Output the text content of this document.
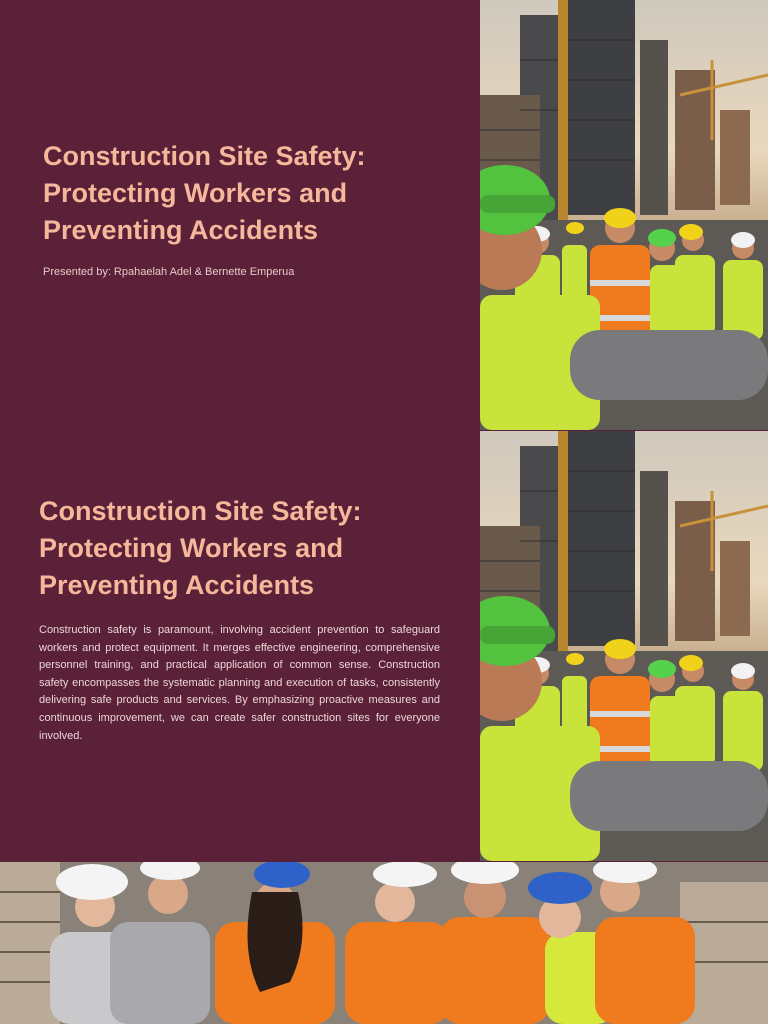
Construction Site Safety: Protecting Workers and Preventing Accidents

Presented by: Rpahaelah Adel & Bernette Emperua

Construction Site Safety: Protecting Workers and Preventing Accidents

Construction safety is paramount, involving accident prevention to safeguard workers and protect equipment. It merges effective engineering, comprehensive personnel training, and practical application of common sense. Construction safety encompasses the systematic planning and execution of tasks, consistently delivering safe products and services. By emphasizing proactive measures and continuous improvement, we can create safer construction sites for everyone involved.
